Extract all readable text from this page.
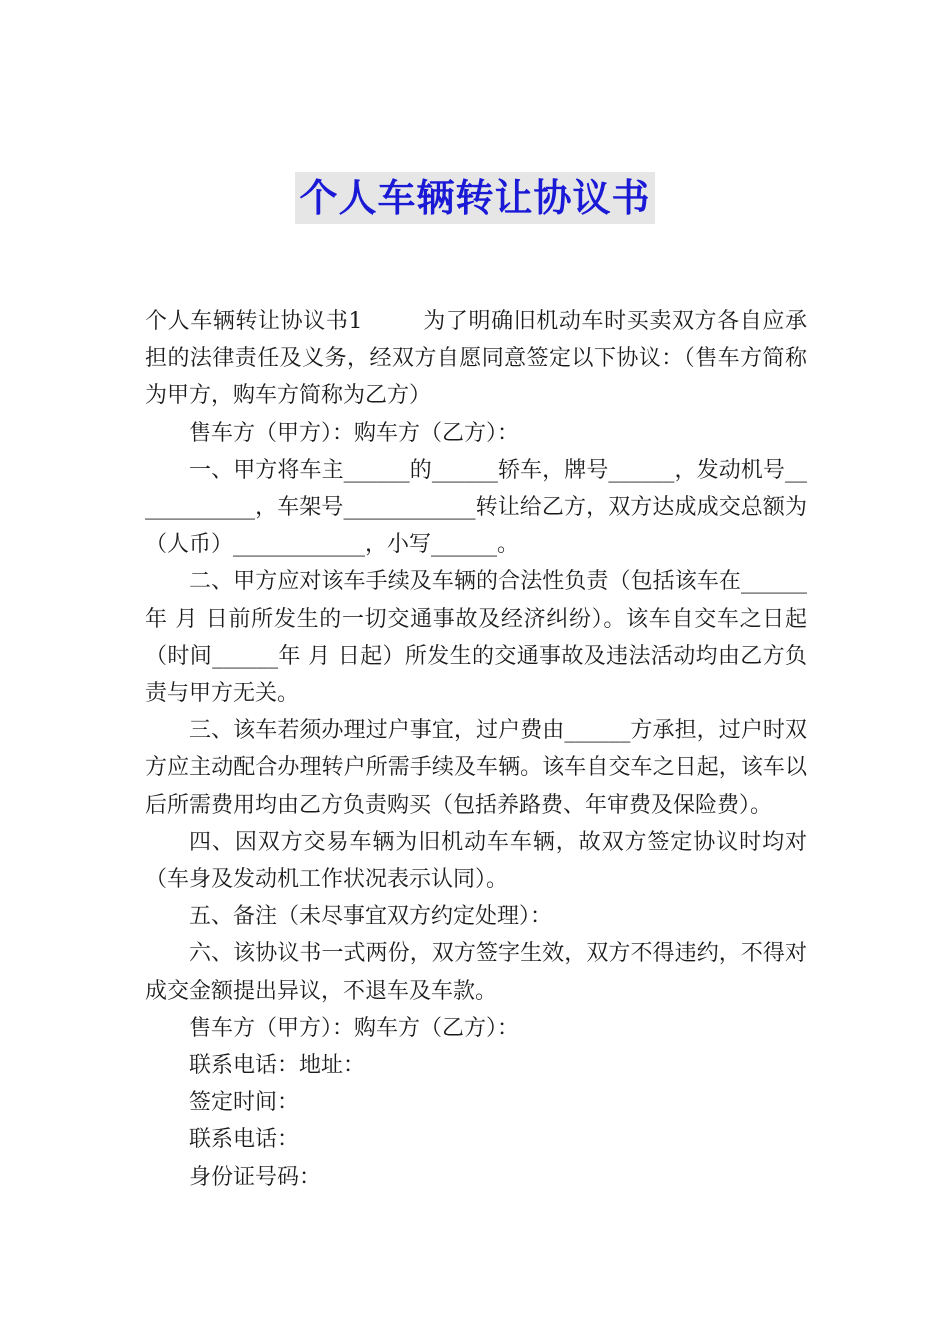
个人车辆转让协议书

个人车辆转让协议书1        为了明确旧机动车时买卖双方各自应承担的法律责任及义务，经双方自愿同意签定以下协议：（售车方简称为甲方，购车方简称为乙方）

售车方（甲方）：购车方（乙方）：

一、甲方将车主______的______轿车，牌号______，发动机号____________，车架号____________转让给乙方，双方达成成交总额为（人币）____________，小写______。

二、甲方应对该车手续及车辆的合法性负责（包括该车在______年 月 日前所发生的一切交通事故及经济纠纷）。该车自交车之日起（时间______年 月 日起）所发生的交通事故及违法活动均由乙方负责与甲方无关。

三、该车若须办理过户事宜，过户费由______方承担，过户时双方应主动配合办理转户所需手续及车辆。该车自交车之日起，该车以后所需费用均由乙方负责购买（包括养路费、年审费及保险费）。

四、因双方交易车辆为旧机动车车辆，故双方签定协议时均对（车身及发动机工作状况表示认同）。

五、备注（未尽事宜双方约定处理）：

六、该协议书一式两份，双方签字生效，双方不得违约，不得对成交金额提出异议，不退车及车款。

售车方（甲方）：购车方（乙方）：

联系电话：地址：

签定时间：

联系电话：

身份证号码：
